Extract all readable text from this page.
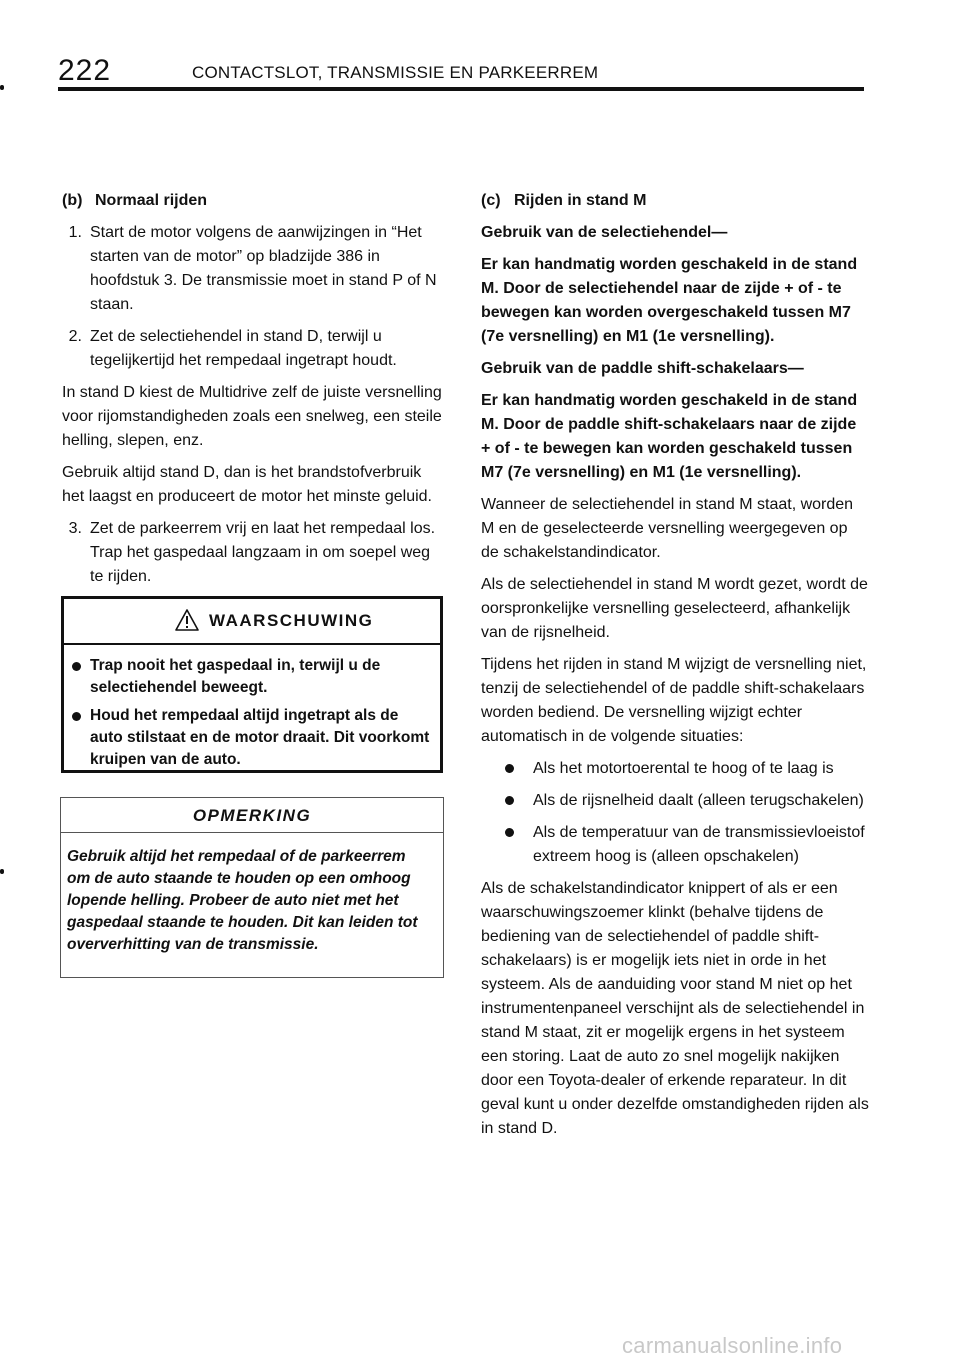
222	CONTACTSLOT, TRANSMISSIE EN PARKEERREM
(b) Normaal rijden
1. Start de motor volgens de aanwijzingen in “Het starten van de motor” op bladzijde 386 in hoofdstuk 3. De transmissie moet in stand P of N staan.
2. Zet de selectiehendel in stand D, terwijl u tegelijkertijd het rempedaal ingetrapt houdt.

In stand D kiest de Multidrive zelf de juiste versnelling voor rijomstandigheden zoals een snelweg, een steile helling, slepen, enz.

Gebruik altijd stand D, dan is het brandstofverbruik het laagst en produceert de motor het minste geluid.

3. Zet de parkeerrem vrij en laat het rempedaal los. Trap het gaspedaal langzaam in om soepel weg te rijden.
WAARSCHUWING
Trap nooit het gaspedaal in, terwijl u de selectiehendel beweegt.
Houd het rempedaal altijd ingetrapt als de auto stilstaat en de motor draait. Dit voorkomt kruipen van de auto.
OPMERKING
Gebruik altijd het rempedaal of de parkeerrem om de auto staande te houden op een omhoog lopende helling. Probeer de auto niet met het gaspedaal staande te houden. Dit kan leiden tot oververhitting van de transmissie.
(c) Rijden in stand M

Gebruik van de selectiehendel—

Er kan handmatig worden geschakeld in de stand M. Door de selectiehendel naar de zijde + of - te bewegen kan worden overgeschakeld tussen M7 (7e versnelling) en M1 (1e versnelling).

Gebruik van de paddle shift-schakelaars—

Er kan handmatig worden geschakeld in de stand M. Door de paddle shift-schakelaars naar de zijde + of - te bewegen kan worden geschakeld tussen M7 (7e versnelling) en M1 (1e versnelling).

Wanneer de selectiehendel in stand M staat, worden M en de geselecteerde versnelling weergegeven op de schakelstandindicator.

Als de selectiehendel in stand M wordt gezet, wordt de oorspronkelijke versnelling geselecteerd, afhankelijk van de rijsnelheid.

Tijdens het rijden in stand M wijzigt de versnelling niet, tenzij de selectiehendel of de paddle shift-schakelaars worden bediend. De versnelling wijzigt echter automatisch in de volgende situaties:

Als het motortoerental te hoog of te laag is
Als de rijsnelheid daalt (alleen terugschakelen)
Als de temperatuur van de transmissievloeistof extreem hoog is (alleen opschakelen)

Als de schakelstandindicator knippert of als er een waarschuwingszoemer klinkt (behalve tijdens de bediening van de selectiehendel of paddle shift-schakelaars) is er mogelijk iets niet in orde in het systeem. Als de aanduiding voor stand M niet op het instrumentenpaneel verschijnt als de selectiehendel in stand M staat, zit er mogelijk ergens in het systeem een storing. Laat de auto zo snel mogelijk nakijken door een Toyota-dealer of erkende reparateur. In dit geval kunt u onder dezelfde omstandigheden rijden als in stand D.

carmanualsonline.info
